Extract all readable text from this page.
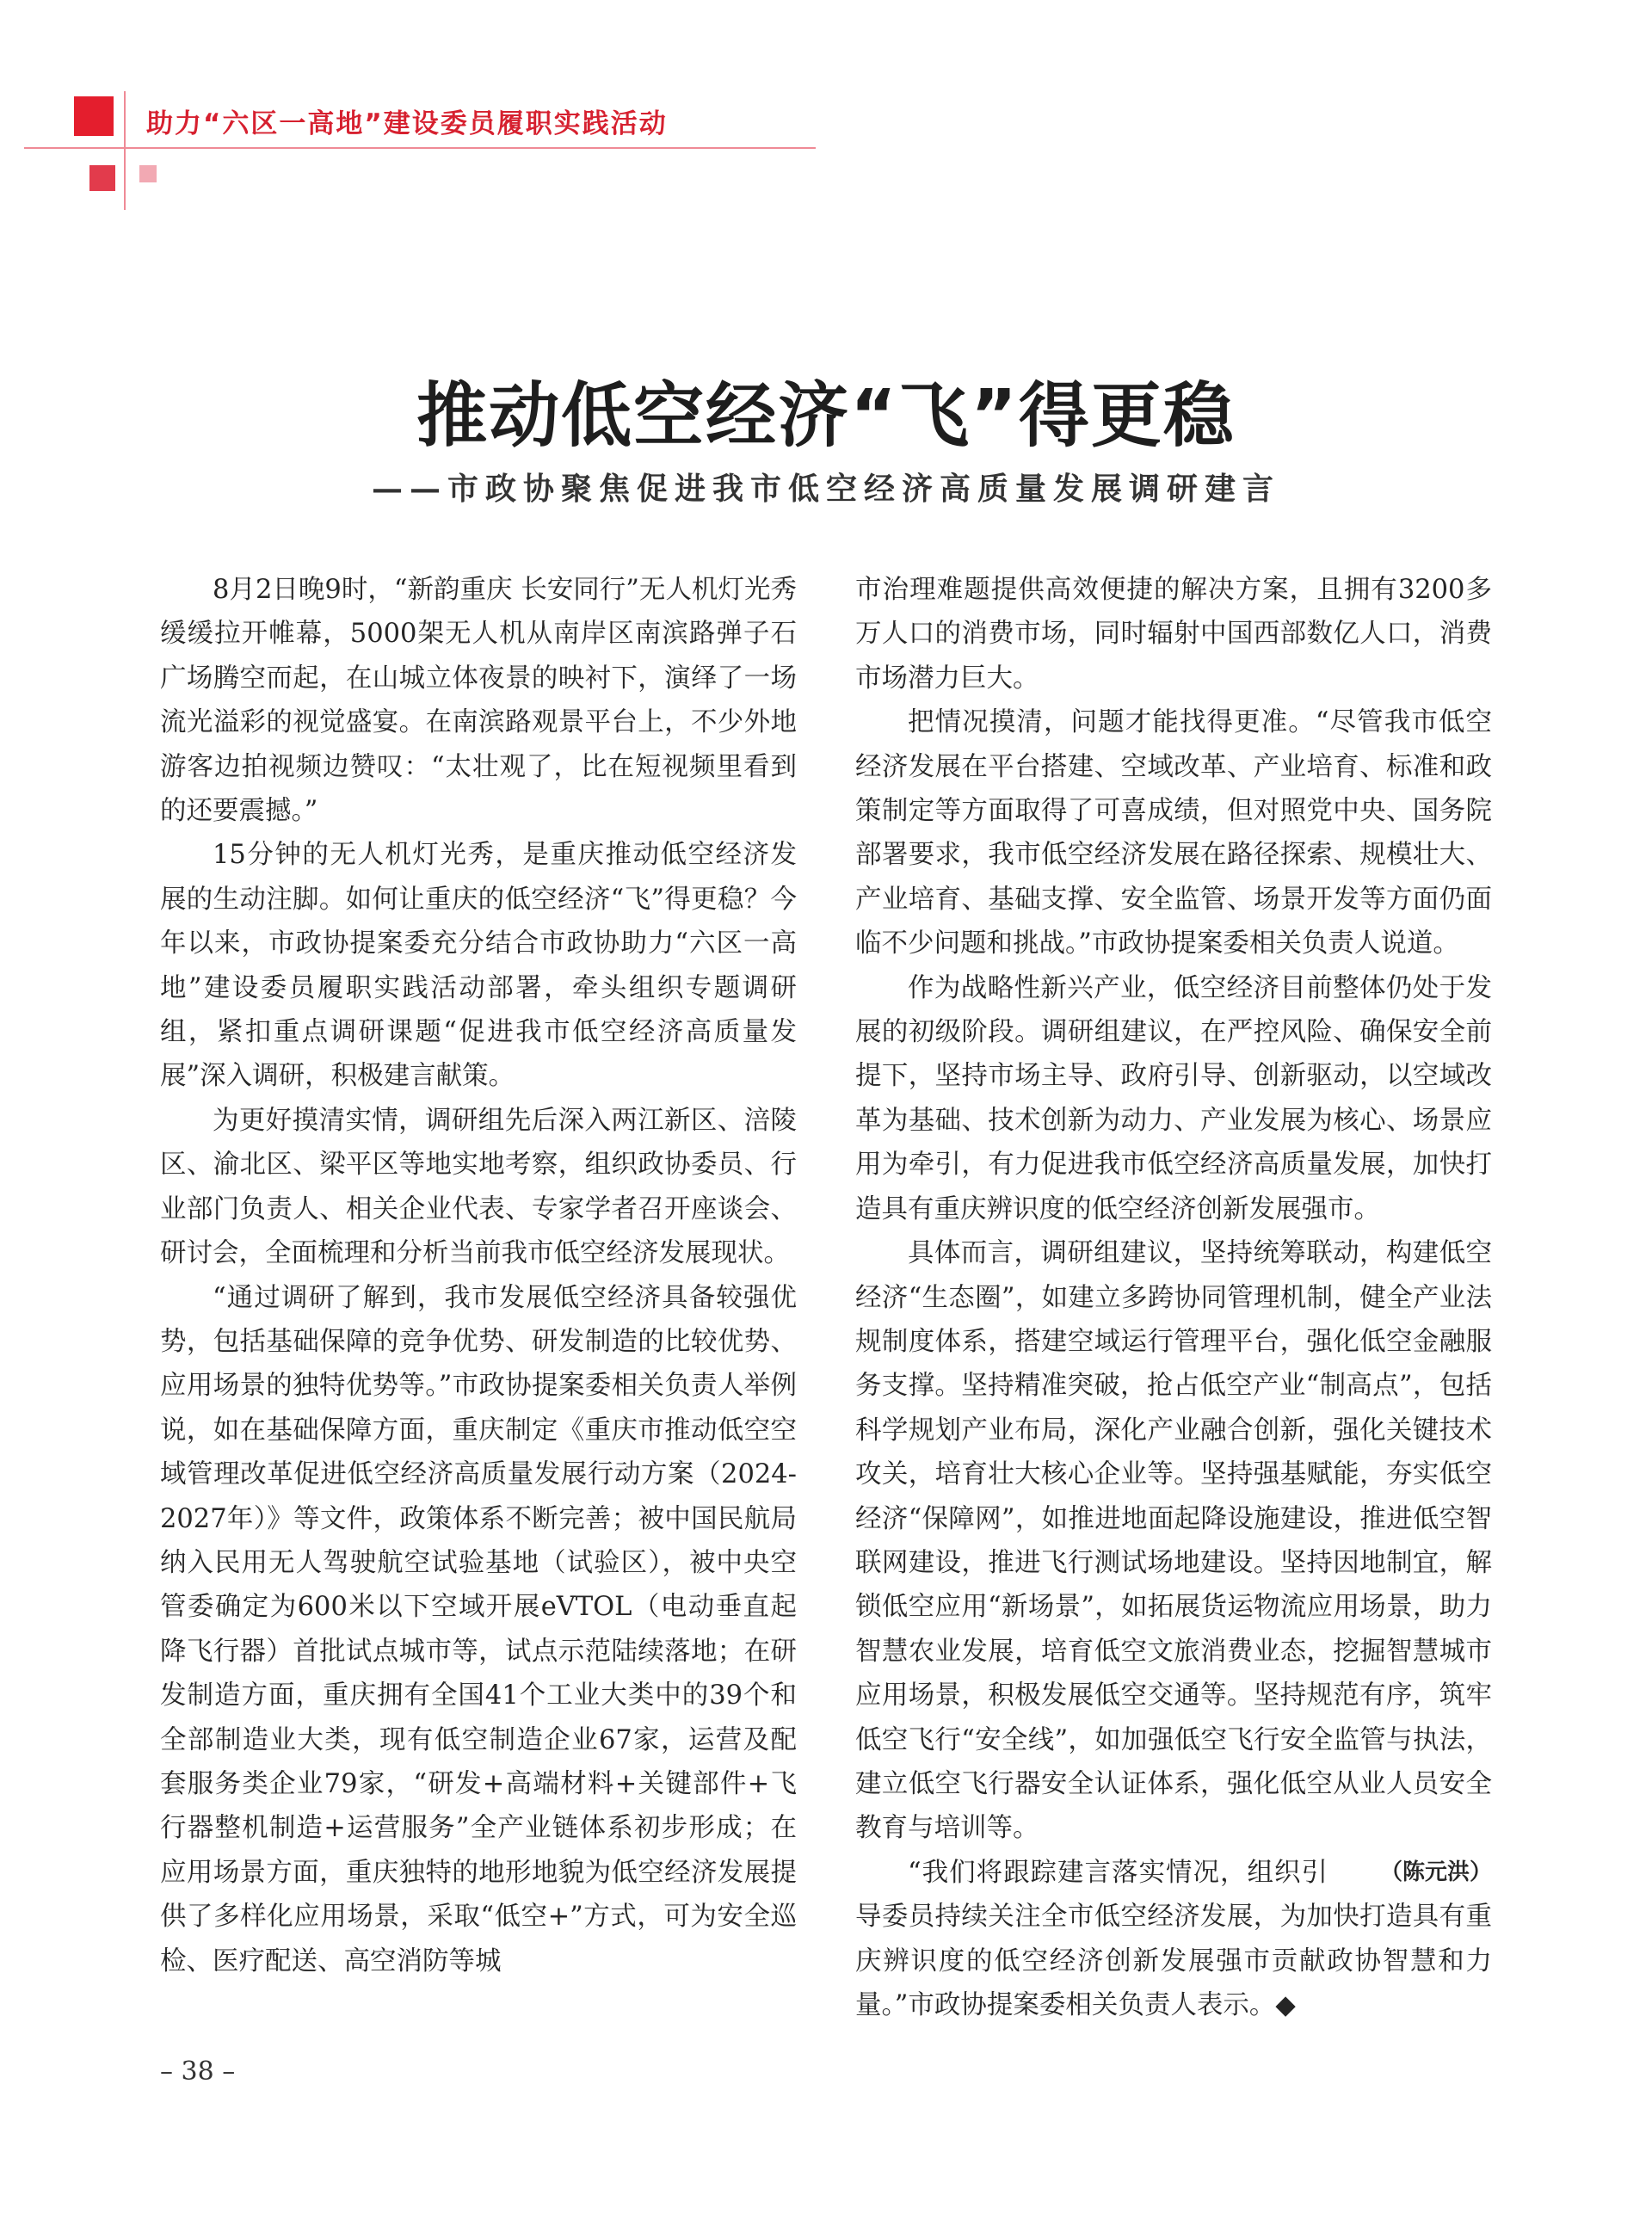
助力“六区一高地”建设委员履职实践活动
推动低空经济“飞”得更稳
——市政协聚焦促进我市低空经济高质量发展调研建言

8月2日晚9时，“新韵重庆 长安同行”无人机灯光秀缓缓拉开帷幕，5000架无人机从南岸区南滨路弹子石广场腾空而起，在山城立体夜景的映衬下，演绎了一场流光溢彩的视觉盛宴。在南滨路观景平台上，不少外地游客边拍视频边赞叹：“太壮观了，比在短视频里看到的还要震撼。”

15分钟的无人机灯光秀，是重庆推动低空经济发展的生动注脚。如何让重庆的低空经济“飞”得更稳？今年以来，市政协提案委充分结合市政协助力“六区一高地”建设委员履职实践活动部署，牵头组织专题调研组，紧扣重点调研课题“促进我市低空经济高质量发展”深入调研，积极建言献策。

为更好摸清实情，调研组先后深入两江新区、涪陵区、渝北区、梁平区等地实地考察，组织政协委员、行业部门负责人、相关企业代表、专家学者召开座谈会、研讨会，全面梳理和分析当前我市低空经济发展现状。

“通过调研了解到，我市发展低空经济具备较强优势，包括基础保障的竞争优势、研发制造的比较优势、应用场景的独特优势等。”市政协提案委相关负责人举例说，如在基础保障方面，重庆制定《重庆市推动低空空域管理改革促进低空经济高质量发展行动方案（2024-2027年）》等文件，政策体系不断完善；被中国民航局纳入民用无人驾驶航空试验基地（试验区），被中央空管委确定为600米以下空域开展eVTOL（电动垂直起降飞行器）首批试点城市等，试点示范陆续落地；在研发制造方面，重庆拥有全国41个工业大类中的39个和全部制造业大类，现有低空制造企业67家，运营及配套服务类企业79家，“研发+高端材料+关键部件+飞行器整机制造+运营服务”全产业链体系初步形成；在应用场景方面，重庆独特的地形地貌为低空经济发展提供了多样化应用场景，采取“低空+”方式，可为安全巡检、医疗配送、高空消防等城

市治理难题提供高效便捷的解决方案，且拥有3200多万人口的消费市场，同时辐射中国西部数亿人口，消费市场潜力巨大。

把情况摸清，问题才能找得更准。“尽管我市低空经济发展在平台搭建、空域改革、产业培育、标准和政策制定等方面取得了可喜成绩，但对照党中央、国务院部署要求，我市低空经济发展在路径探索、规模壮大、产业培育、基础支撑、安全监管、场景开发等方面仍面临不少问题和挑战。”市政协提案委相关负责人说道。

作为战略性新兴产业，低空经济目前整体仍处于发展的初级阶段。调研组建议，在严控风险、确保安全前提下，坚持市场主导、政府引导、创新驱动，以空域改革为基础、技术创新为动力、产业发展为核心、场景应用为牵引，有力促进我市低空经济高质量发展，加快打造具有重庆辨识度的低空经济创新发展强市。

具体而言，调研组建议，坚持统筹联动，构建低空经济“生态圈”，如建立多跨协同管理机制，健全产业法规制度体系，搭建空域运行管理平台，强化低空金融服务支撑。坚持精准突破，抢占低空产业“制高点”，包括科学规划产业布局，深化产业融合创新，强化关键技术攻关，培育壮大核心企业等。坚持强基赋能，夯实低空经济“保障网”，如推进地面起降设施建设，推进低空智联网建设，推进飞行测试场地建设。坚持因地制宜，解锁低空应用“新场景”，如拓展货运物流应用场景，助力智慧农业发展，培育低空文旅消费业态，挖掘智慧城市应用场景，积极发展低空交通等。坚持规范有序，筑牢低空飞行“安全线”，如加强低空飞行安全监管与执法，建立低空飞行器安全认证体系，强化低空从业人员安全教育与培训等。

（陈元洪）
“我们将跟踪建言落实情况，组织引导委员持续关注全市低空经济发展，为加快打造具有重庆辨识度的低空经济创新发展强市贡献政协智慧和力量。”市政协提案委相关负责人表示。◆

– 38 –
